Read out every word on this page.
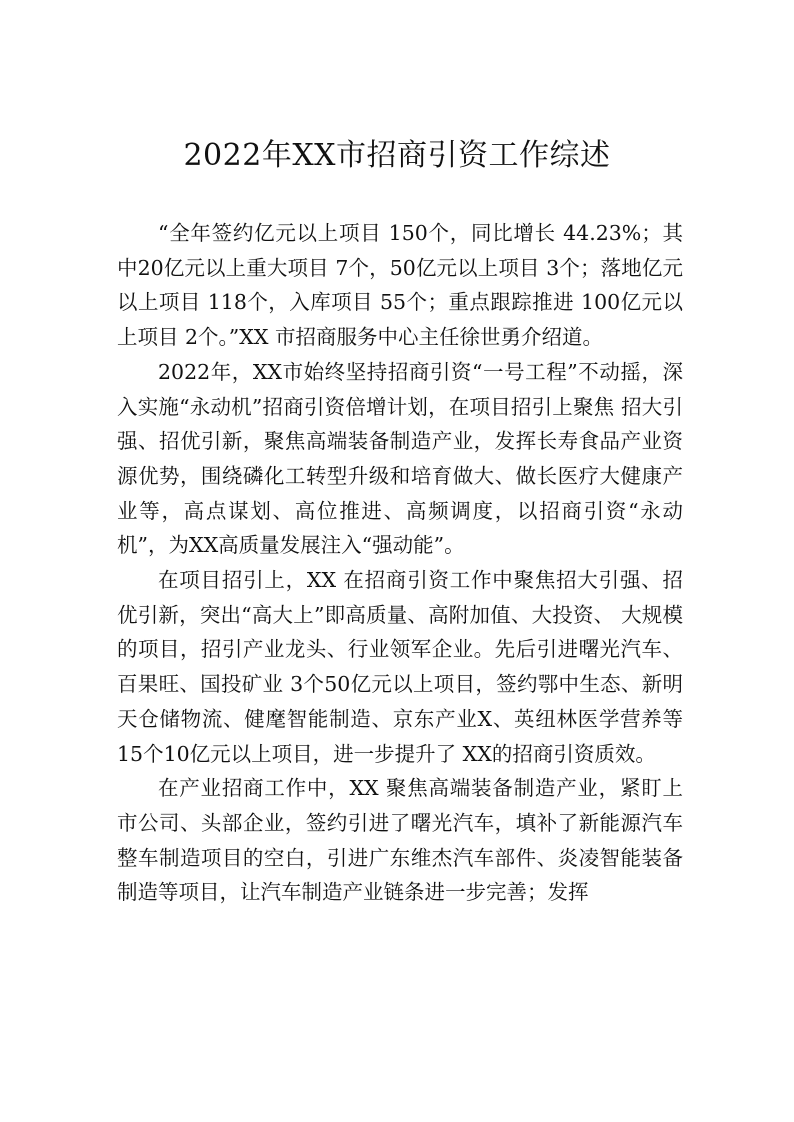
2022年XX市招商引资工作综述

“全年签约亿元以上项目 150个，同比增长 44.23%；其中20亿元以上重大项目 7个，50亿元以上项目 3个；落地亿元以上项目 118个，入库项目 55个；重点跟踪推进 100亿元以上项目 2个。”XX 市招商服务中心主任徐世勇介绍道。

2022年，XX市始终坚持招商引资“一号工程”不动摇，深入实施“永动机”招商引资倍增计划，在项目招引上聚焦 招大引强、招优引新，聚焦高端装备制造产业，发挥长寿食品产业资源优势，围绕磷化工转型升级和培育做大、做长医疗大健康产业等，高点谋划、高位推进、高频调度，以招商引资“永动机”，为XX高质量发展注入“强动能”。

在项目招引上，XX 在招商引资工作中聚焦招大引强、招优引新，突出“高大上”即高质量、高附加值、大投资、 大规模的项目，招引产业龙头、行业领军企业。先后引进曙光汽车、百果旺、国投矿业 3个50亿元以上项目，签约鄂中生态、新明天仓储物流、健麾智能制造、京东产业X、英纽林医学营养等 15个10亿元以上项目，进一步提升了 XX的招商引资质效。

在产业招商工作中，XX 聚焦高端装备制造产业，紧盯上市公司、头部企业，签约引进了曙光汽车，填补了新能源汽车整车制造项目的空白，引进广东维杰汽车部件、炎凌智能装备制造等项目，让汽车制造产业链条进一步完善；发挥
